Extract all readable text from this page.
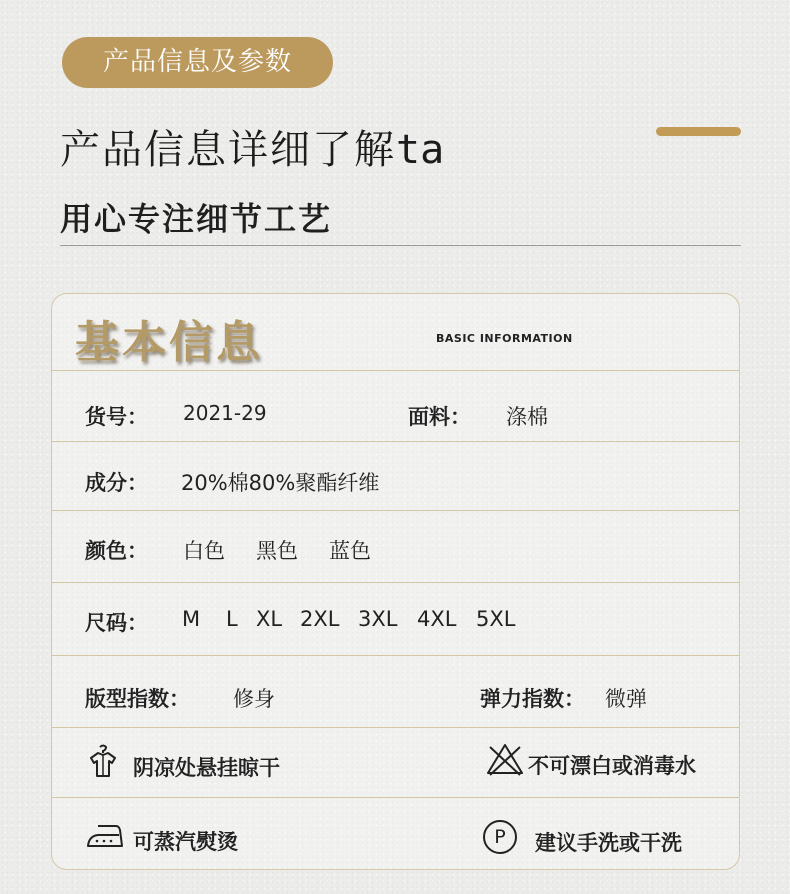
产品信息及参数
产品信息详细了解ta
用心专注细节工艺
基本信息	BASIC INFORMATION
货号： 2021-29	面料： 涤棉
成分： 20%棉80%聚酯纤维
颜色： 白色 黑色 蓝色
尺码： M L XL 2XL 3XL 4XL 5XL
版型指数： 修身	弹力指数： 微弹
阴凉处悬挂晾干	不可漂白或消毒水
可蒸汽熨烫	P	建议手洗或干洗
